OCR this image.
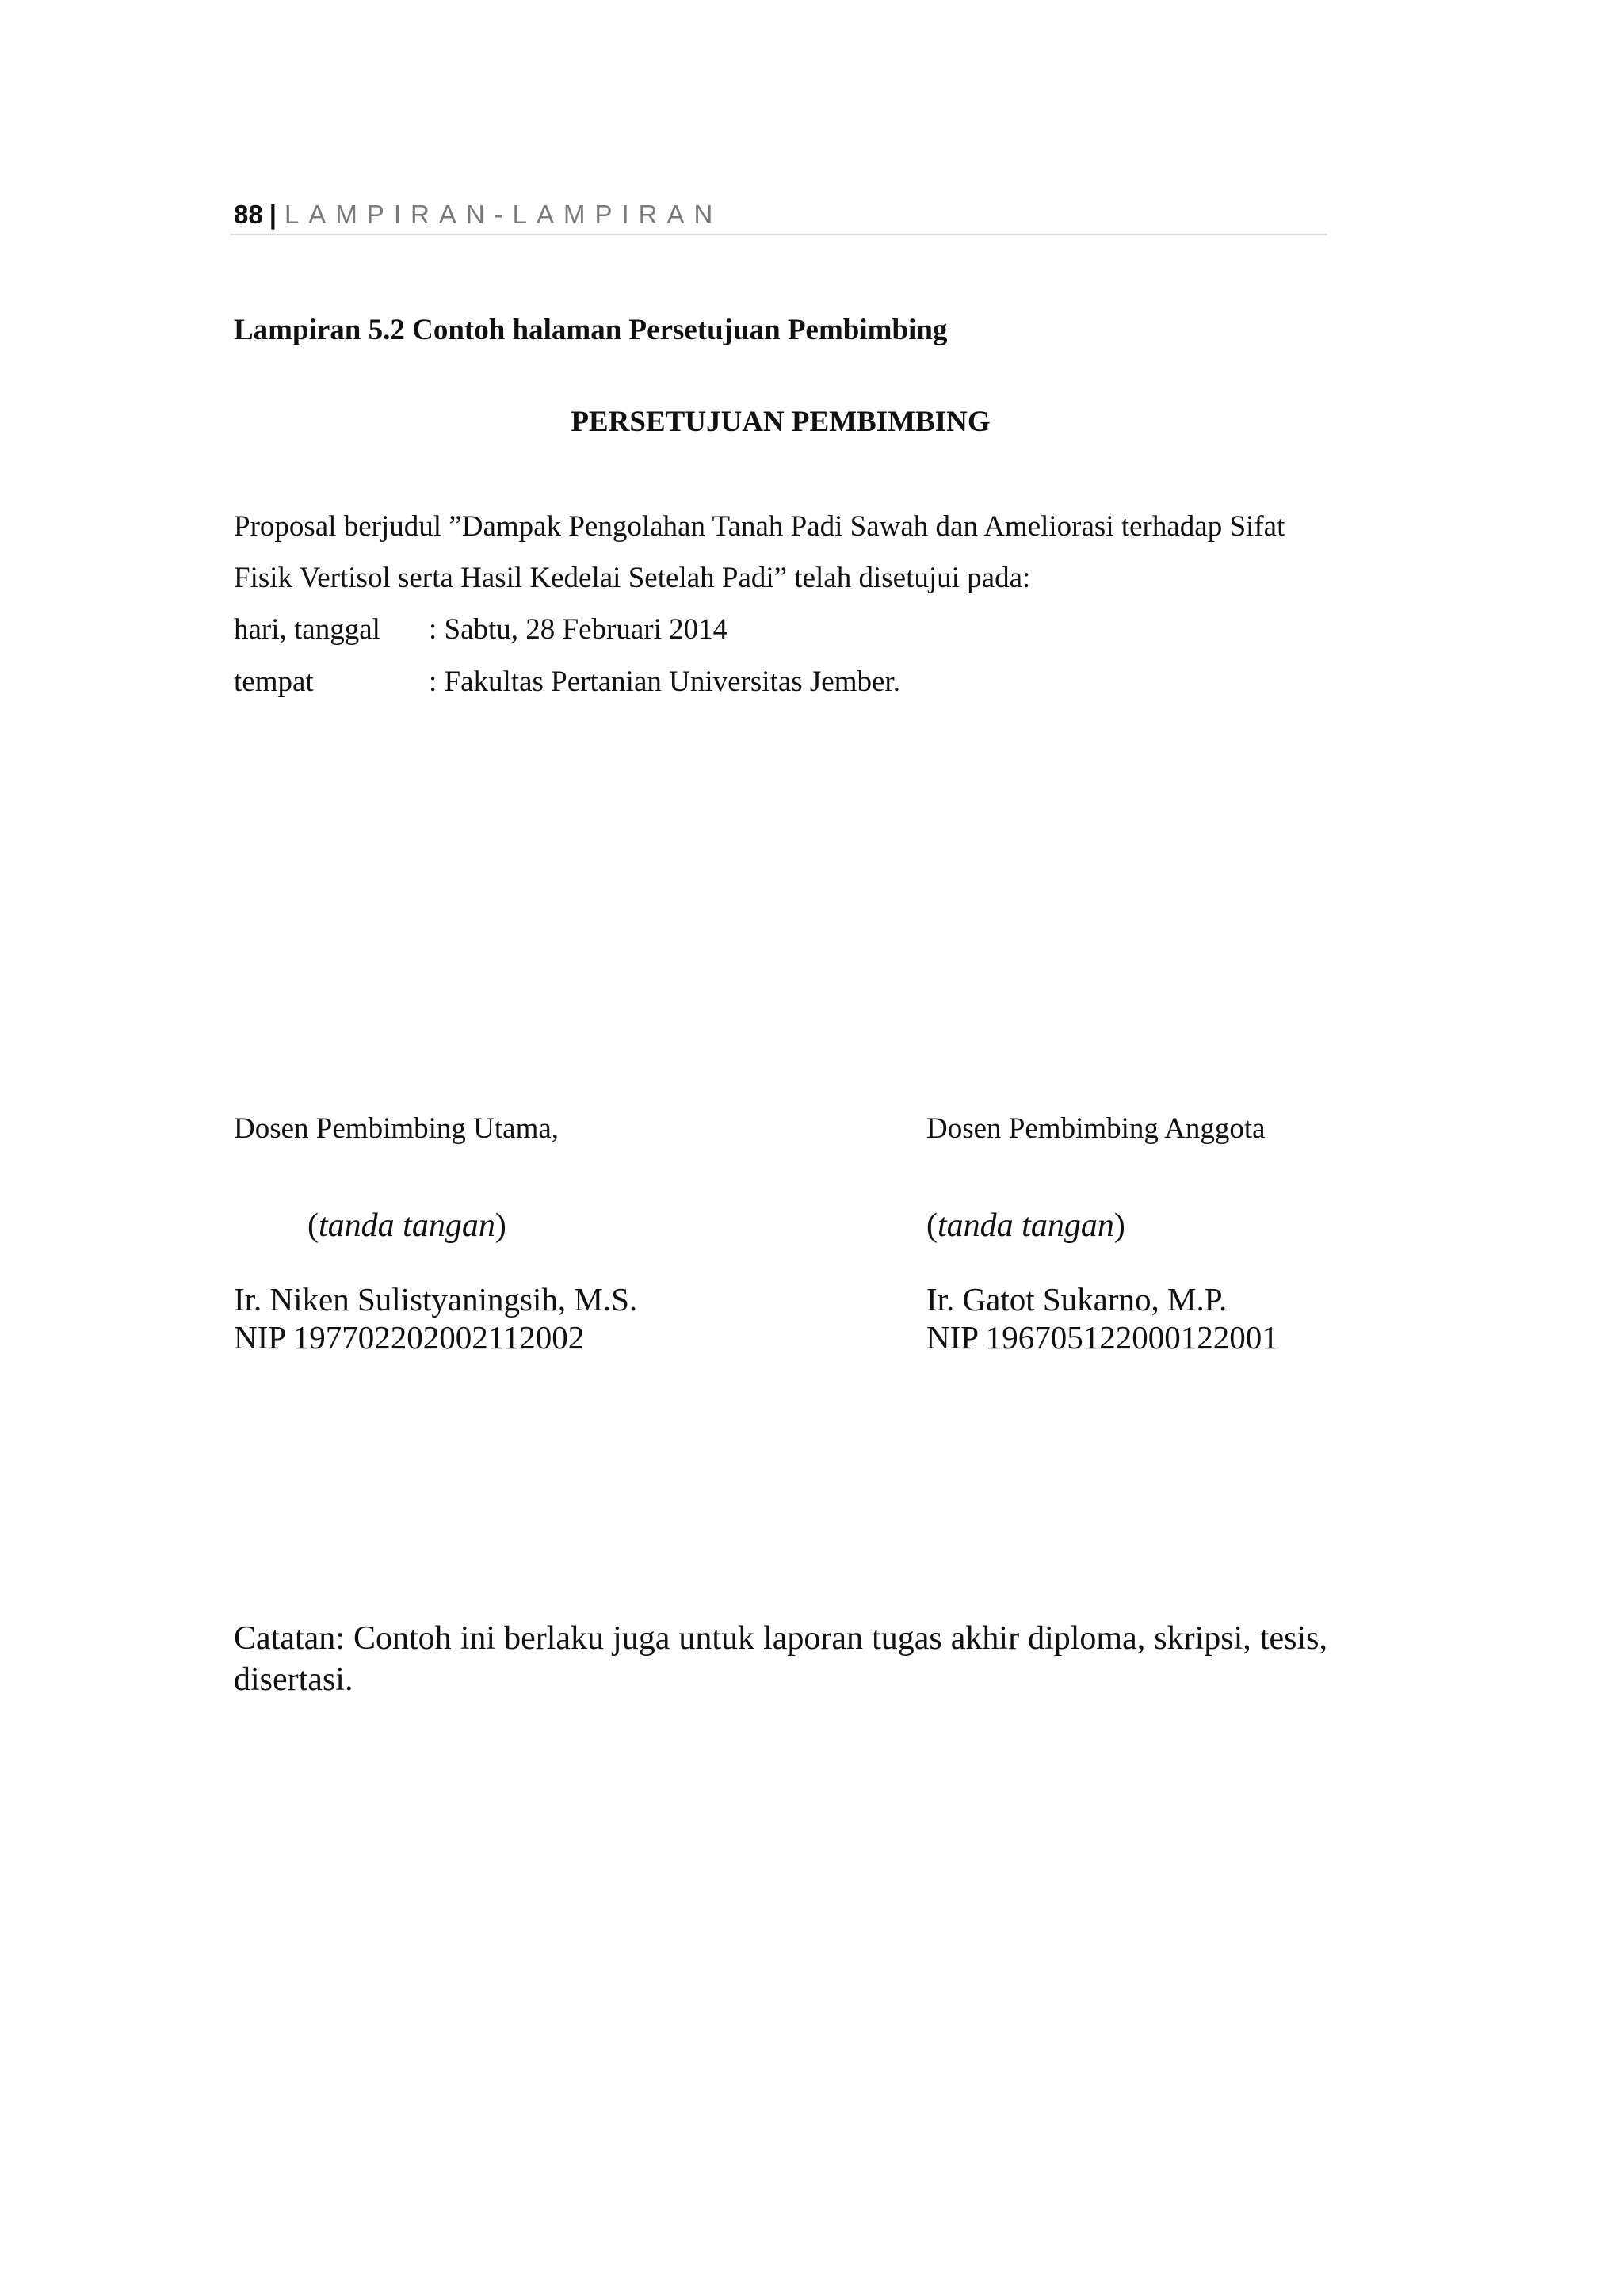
88 | LAMPIRAN-LAMPIRAN
Lampiran 5.2 Contoh halaman Persetujuan Pembimbing
PERSETUJUAN PEMBIMBING
Proposal berjudul ”Dampak Pengolahan Tanah Padi Sawah dan Ameliorasi terhadap Sifat
Fisik Vertisol serta Hasil Kedelai Setelah Padi” telah disetujui pada:
hari, tanggal : Sabtu, 28 Februari 2014
tempat	: Fakultas Pertanian Universitas Jember.
Dosen Pembimbing Utama,
(tanda tangan)
Ir. Niken Sulistyaningsih, M.S.
NIP 197702202002112002
Dosen Pembimbing Anggota
(tanda tangan)
Ir. Gatot Sukarno, M.P.
NIP 196705122000122001
Catatan: Contoh ini berlaku juga untuk laporan tugas akhir diploma, skripsi, tesis, disertasi.
